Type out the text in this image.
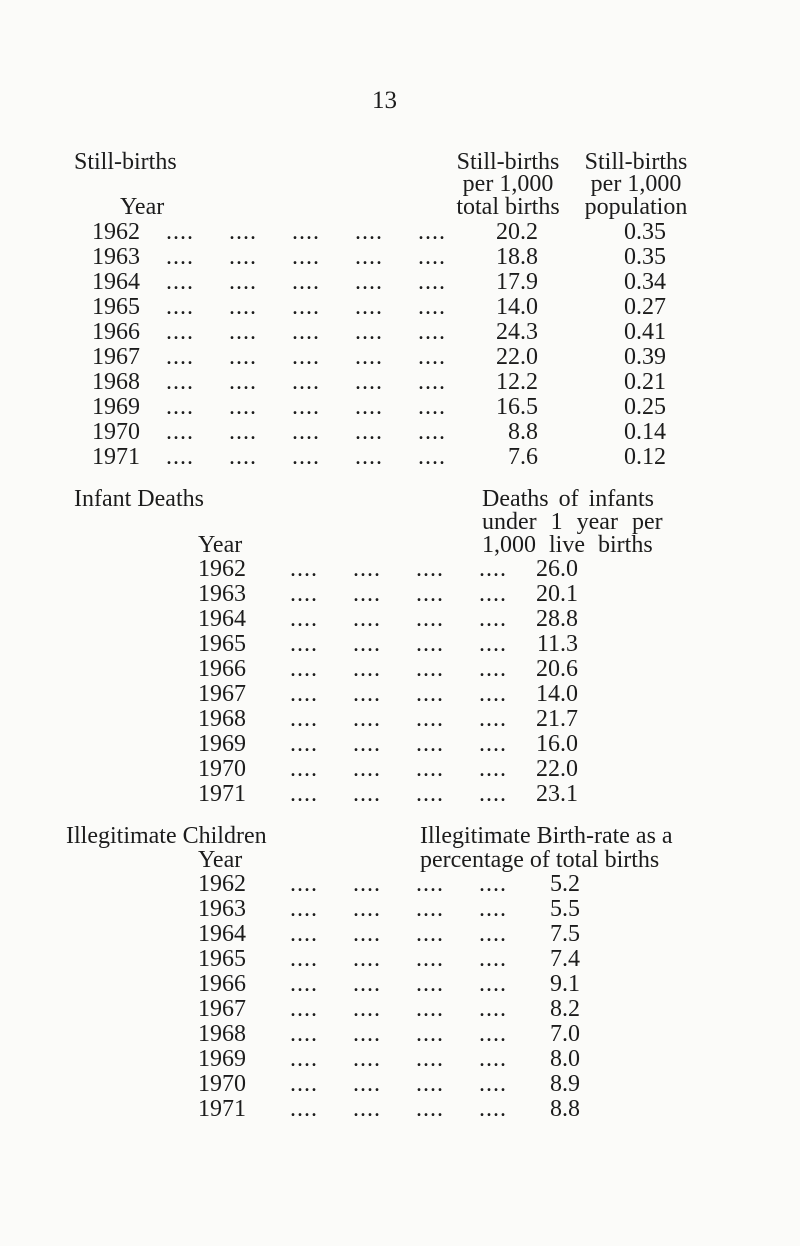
13
Still-births
Year
Still-births
per 1,000
total births
Still-births
per 1,000
population
1962 ....     ....     ....     ....     ....	20.2	0.35
1963 ....     ....     ....     ....     ....	18.8	0.35
1964 ....     ....     ....     ....     ....	17.9	0.34
1965 ....     ....     ....     ....     ....	14.0	0.27
1966 ....     ....     ....     ....     ....	24.3	0.41
1967 ....     ....     ....     ....     ....	22.0	0.39
1968 ....     ....     ....     ....     ....	12.2	0.21
1969 ....     ....     ....     ....     ....	16.5	0.25
1970 ....     ....     ....     ....     ....	8.8	0.14
1971 ....     ....     ....     ....     ....	7.6	0.12
Infant Deaths
Year
Deaths of infants
under 1 year per
1,000 live births
1962 ....     ....     ....     ....	26.0
1963 ....     ....     ....     ....	20.1
1964 ....     ....     ....     ....	28.8
1965 ....     ....     ....     ....	11.3
1966 ....     ....     ....     ....	20.6
1967 ....     ....     ....     ....	14.0
1968 ....     ....     ....     ....	21.7
1969 ....     ....     ....     ....	16.0
1970 ....     ....     ....     ....	22.0
1971 ....     ....     ....     ....	23.1
Illegitimate Children
Year
Illegitimate Birth-rate as a
percentage of total births
1962 ....     ....     ....     ....	5.2
1963 ....     ....     ....     ....	5.5
1964 ....     ....     ....     ....	7.5
1965 ....     ....     ....     ....	7.4
1966 ....     ....     ....     ....	9.1
1967 ....     ....     ....     ....	8.2
1968 ....     ....     ....     ....	7.0
1969 ....     ....     ....     ....	8.0
1970 ....     ....     ....     ....	8.9
1971 ....     ....     ....     ....	8.8
